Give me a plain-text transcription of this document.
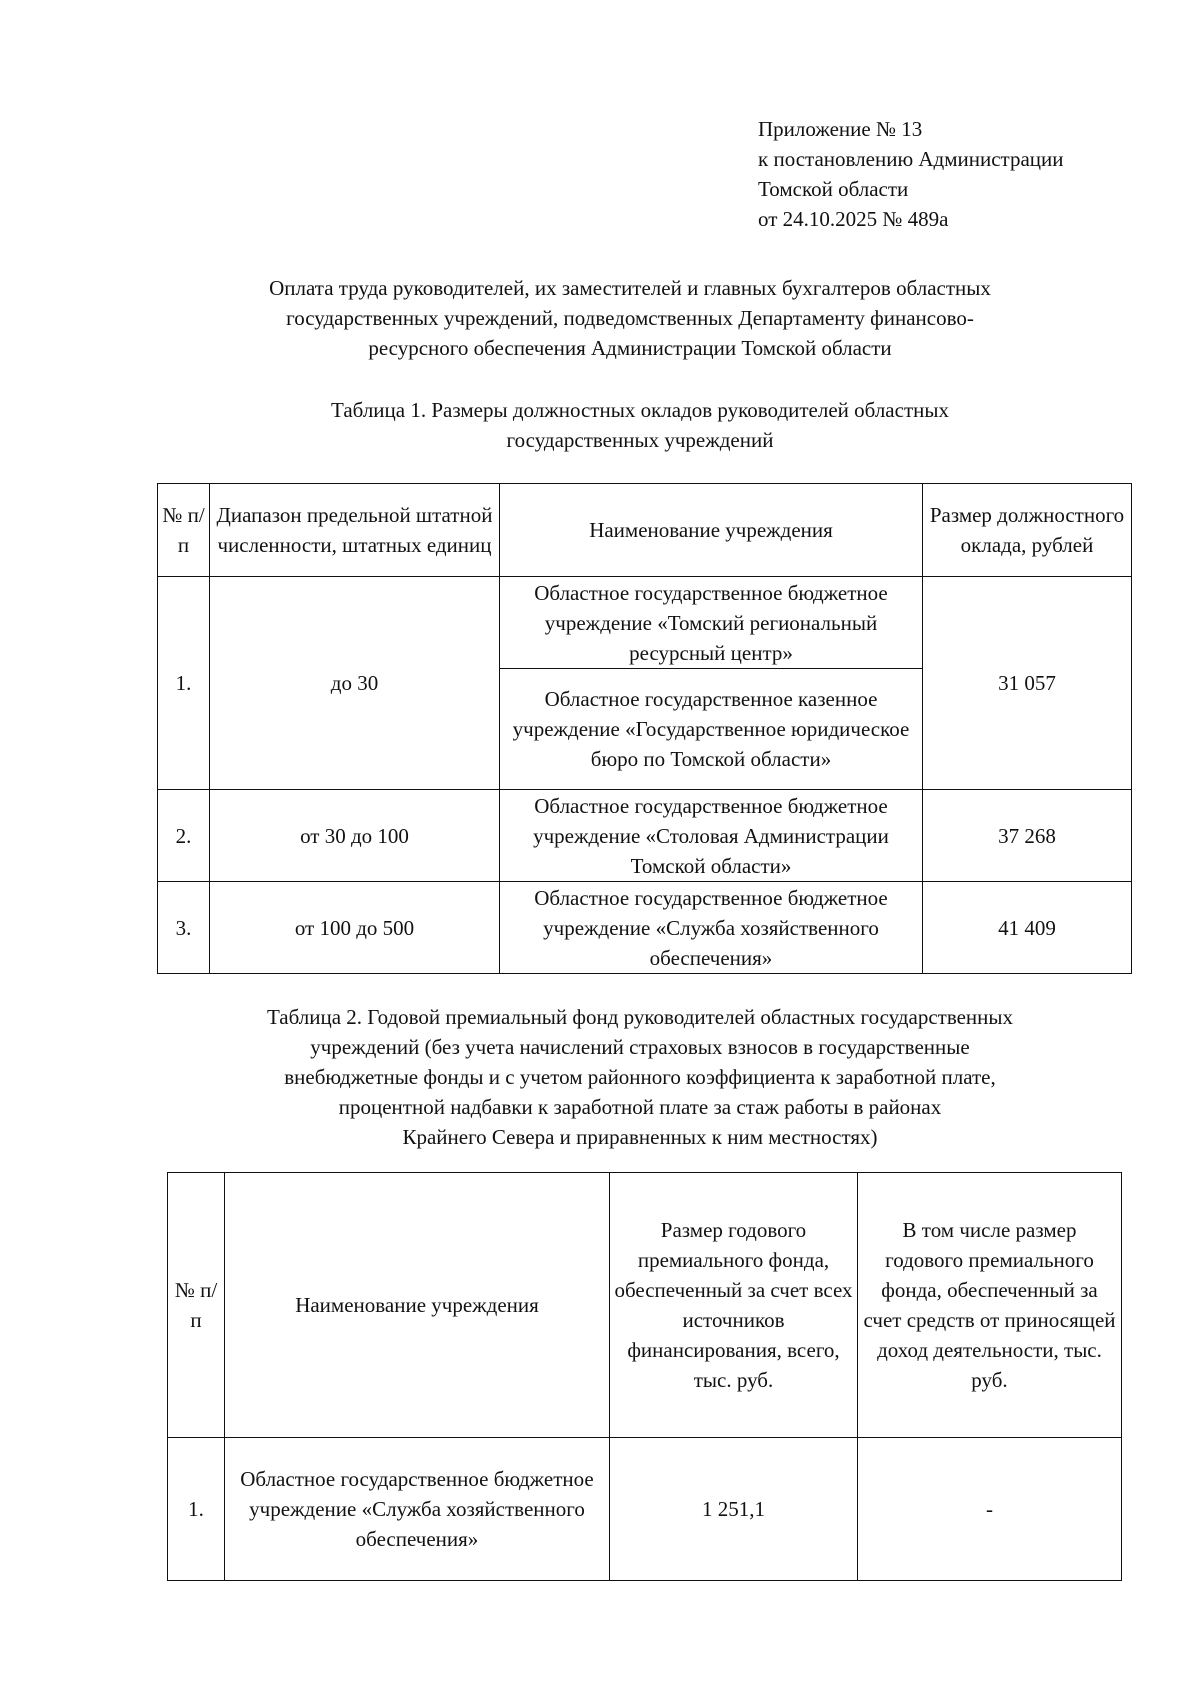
Приложение № 13
к постановлению Администрации
Томской области
от 24.10.2025 № 489а
Оплата труда руководителей, их заместителей и главных бухгалтеров областных
государственных учреждений, подведомственных Департаменту финансово-
ресурсного обеспечения Администрации Томской области
Таблица 1. Размеры должностных окладов руководителей областных
государственных учреждений
№ п/п	Диапазон предельной штатной численности, штатных единиц	Наименование учреждения	Размер должностного оклада, рублей
1.	до 30	Областное государственное бюджетное учреждение «Томский региональный ресурсный центр»	31 057
		Областное государственное казенное учреждение «Государственное юридическое бюро по Томской области»	
2.	от 30 до 100	Областное государственное бюджетное учреждение «Столовая Администрации Томской области»	37 268
3.	от 100 до 500	Областное государственное бюджетное учреждение «Служба хозяйственного обеспечения»	41 409
Таблица 2. Годовой премиальный фонд руководителей областных государственных
учреждений (без учета начислений страховых взносов в государственные
внебюджетные фонды и с учетом районного коэффициента к заработной плате,
процентной надбавки к заработной плате за стаж работы в районах
Крайнего Севера и приравненных к ним местностях)
№ п/п	Наименование учреждения	Размер годового премиального фонда, обеспеченный за счет всех источников финансирования, всего, тыс. руб.	В том числе размер годового премиального фонда, обеспеченный за счет средств от приносящей доход деятельности, тыс. руб.
1.	Областное государственное бюджетное учреждение «Служба хозяйственного обеспечения»	1 251,1	-
